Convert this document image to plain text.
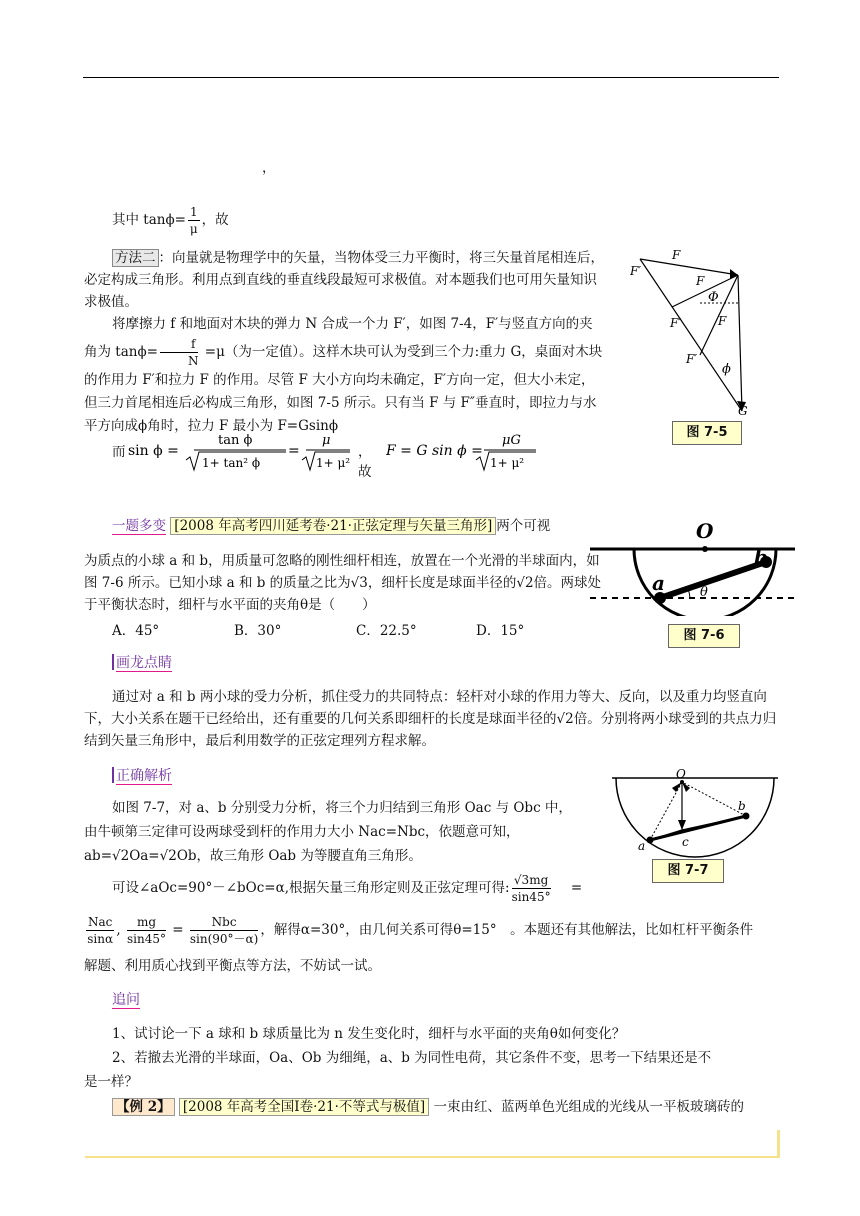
，
其中 $\tan\phi= \frac{1}{\mu}$ ，故
方法二 ：向量就是物理学中的矢量，当物体受三力平衡时，将三矢量首尾相连后，必定构成三角形。利用点到直线的垂直线段最短可求极值。对本题我们也可用矢量知识求极值。
将摩擦力 f 和地面对木块的弹力 N 合成一个力 F′，如图 7-4，F′与竖直方向的夹角为 $\tan\phi= \frac{f}{N} =\mu$（为一定值）。这样木块可认为受到三个力:重力 G，桌面对木块的作用力 F′和拉力 F 的作用。尽管 F 大小方向均未确定，F′方向一定，但大小未定，但三力首尾相连后必构成三角形，如图 7-5 所示。只有当 F 与 F″垂直时，即拉力与水平方向成ϕ角时，拉力 F 最小为 F=Gsinϕ
而 sin ϕ =
tan ϕ
1+ tan² ϕ
=
μ
1+ μ²
，故
F = G sin ϕ =
μG
1+ μ²
F
F′
F
Φ
F′	F
F′
ϕ
G
图 7-5
一题多变 [2008 年高考四川延考卷·21·正弦定理与矢量三角形] 两个可视
为质点的小球 a 和 b，用质量可忽略的刚性细杆相连，放置在一个光滑的半球面内，如图 7-6 所示。已知小球 a 和 b 的质量之比为√3，细杆长度是球面半径的√2倍。两球处于平衡状态时，细杆与水平面的夹角θ是（　　）
A．45°	B．30°	C．22.5°	D．15°
O
a
b
θ
图 7-6
画龙点睛
通过对 a 和 b 两小球的受力分析，抓住受力的共同特点：轻杆对小球的作用力等大、反向，以及重力均竖直向下，大小关系在题干已经给出，还有重要的几何关系即细杆的长度是球面半径的√2倍。分别将两小球受到的共点力归结到矢量三角形中，最后利用数学的正弦定理列方程求解。
正确解析
如图 7-7，对 a、b 分别受力分析，将三个力归结到三角形 Oac 与 Obc 中，
由牛顿第三定律可设两球受到杆的作用力大小 Nac=Nbc，依题意可知，
ab=√2Oa=√2Ob，故三角形 Oab 为等腰直角三角形。
可设∠aOc=90°－∠bOc=α,根据矢量三角形定则及正弦定理可得: $\frac{√3mg}{\sin 45^\circ}$ =
$\frac{\text{Nac}}{\sin\alpha}$ , $\frac{mg}{\sin 45^\circ} = \frac{\text{Nbc}}{\sin(90^\circ-\alpha)}$ ，解得α=30°，由几何关系可得θ=15°　。本题还有其他解法，比如杠杆平衡条件
解题、利用质心找到平衡点等方法，不妨试一试。
O
a
b
c
图 7-7
追问
1、试讨论一下 a 球和 b 球质量比为 n 发生变化时，细杆与水平面的夹角θ如何变化？
2、若撤去光滑的半球面，Oa、Ob 为细绳，a、b 为同性电荷，其它条件不变，思考一下结果还是不
是一样？
【例 2】 [2008 年高考全国Ⅰ卷·21·不等式与极值] 一束由红、蓝两单色光组成的光线从一平板玻璃砖的
